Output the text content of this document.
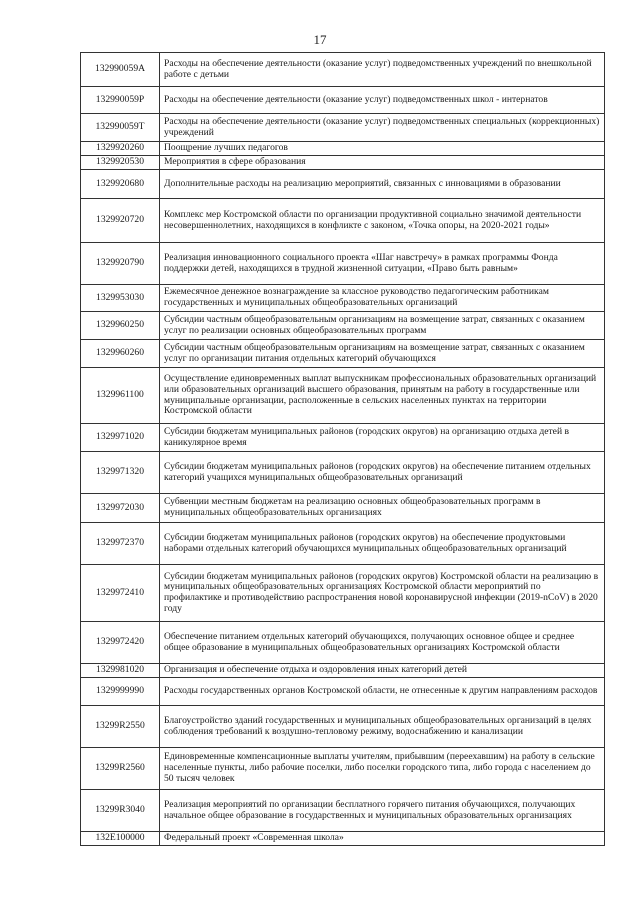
17
132990059А	Расходы на обеспечение деятельности (оказание услуг) подведомственных учреждений по внешкольной работе с детьми
132990059Р	Расходы на обеспечение деятельности (оказание услуг) подведомственных школ - интернатов
132990059Т	Расходы на обеспечение деятельности (оказание услуг) подведомственных специальных (коррекционных) учреждений
1329920260	Поощрение лучших педагогов
1329920530	Мероприятия в сфере образования
1329920680	Дополнительные расходы на реализацию мероприятий, связанных с инновациями в образовании
1329920720	Комплекс мер Костромской области по организации продуктивной социально значимой деятельности несовершеннолетних, находящихся в конфликте с законом, «Точка опоры, на 2020-2021 годы»
1329920790	Реализация инновационного социального проекта «Шаг навстречу» в рамках программы Фонда поддержки детей, находящихся в трудной жизненной ситуации, «Право быть равным»
1329953030	Ежемесячное денежное вознаграждение за классное руководство педагогическим работникам государственных и муниципальных общеобразовательных организаций
1329960250	Субсидии частным общеобразовательным организациям на возмещение затрат, связанных с оказанием услуг по реализации основных общеобразовательных программ
1329960260	Субсидии частным общеобразовательным организациям на возмещение затрат, связанных с оказанием услуг по организации питания отдельных категорий обучающихся
1329961100	Осуществление единовременных выплат выпускникам профессиональных образовательных организаций или образовательных организаций высшего образования, принятым на работу в государственные или муниципальные организации, расположенные в сельских населенных пунктах на территории Костромской области
1329971020	Субсидии бюджетам муниципальных районов (городских округов) на организацию отдыха детей в каникулярное время
1329971320	Субсидии бюджетам муниципальных районов (городских округов) на обеспечение питанием отдельных категорий учащихся муниципальных общеобразовательных организаций
1329972030	Субвенции местным бюджетам на реализацию основных общеобразовательных программ в муниципальных общеобразовательных организациях
1329972370	Субсидии бюджетам муниципальных районов (городских округов) на обеспечение продуктовыми наборами отдельных категорий обучающихся муниципальных общеобразовательных организаций
1329972410	Субсидии бюджетам муниципальных районов (городских округов) Костромской области на реализацию в муниципальных общеобразовательных организациях Костромской области мероприятий по профилактике и противодействию распространения новой коронавирусной инфекции (2019-nCoV) в 2020 году
1329972420	Обеспечение питанием отдельных категорий обучающихся, получающих основное общее и среднее общее образование в муниципальных общеобразовательных организациях Костромской области
1329981020	Организация и обеспечение отдыха и оздоровления иных категорий детей
1329999990	Расходы государственных органов Костромской области, не отнесенные к другим направлениям расходов
13299R2550	Благоустройство зданий государственных и муниципальных общеобразовательных организаций в целях соблюдения требований к воздушно-тепловому режиму, водоснабжению и канализации
13299R2560	Единовременные компенсационные выплаты учителям, прибывшим (переехавшим) на работу в сельские населенные пункты, либо рабочие поселки, либо поселки городского типа, либо города с населением до 50 тысяч человек
13299R3040	Реализация мероприятий по организации бесплатного горячего питания обучающихся, получающих начальное общее образование в государственных и муниципальных образовательных организациях
132E100000	Федеральный проект «Современная школа»
